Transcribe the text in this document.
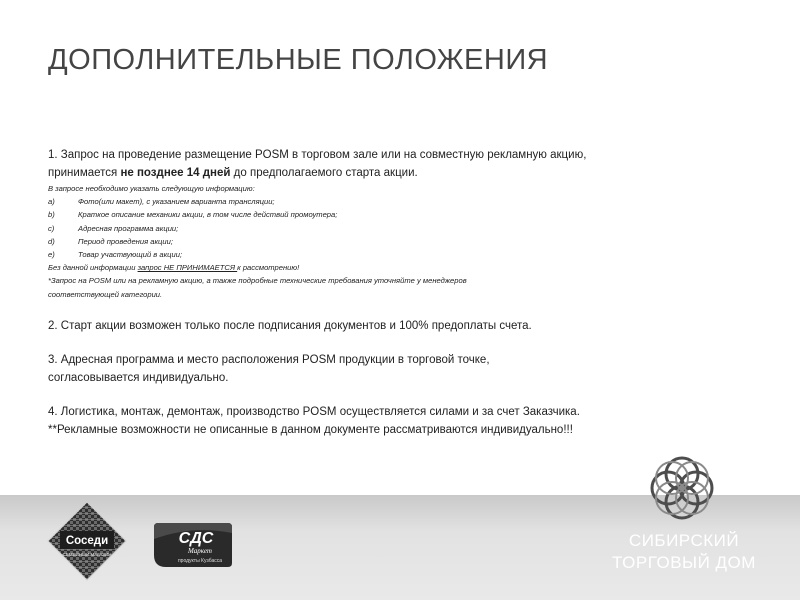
ДОПОЛНИТЕЛЬНЫЕ ПОЛОЖЕНИЯ
1. Запрос на проведение размещение POSM в торговом зале или на совместную рекламную акцию,
принимается не позднее 14 дней до предполагаемого старта акции.
В запросе необходимо указать следующую информацию:
a)	Фото(или макет), с указанием варианта трансляции;
b)	Краткое описание механики акции, в том числе действий промоутера;
c)	Адресная программа акции;
d)	Период проведения акции;
e)	Товар участвующий в акции;
Без данной информации запрос НЕ ПРИНИМАЕТСЯ к рассмотрению!
*Запрос на POSM или на рекламную акцию, а также подробные технические требования уточняйте у менеджеров
соответствующей категории.
2. Старт акции возможен только после подписания документов и 100% предоплаты счета.
3. Адресная программа и место расположения POSM продукции в торговой точке,
согласовывается индивидуально.
4. Логистика, монтаж, демонтаж, производство POSM осуществляется силами и за счет Заказчика.
**Рекламные возможности не описанные в данном документе рассматриваются индивидуально!!!
Соседи
СЕМЕЙНЫЙ МАГАЗИН
СДС
Маркет
продукты Кузбасса
СИБИРСКИЙ
ТОРГОВЫЙ ДОМ
